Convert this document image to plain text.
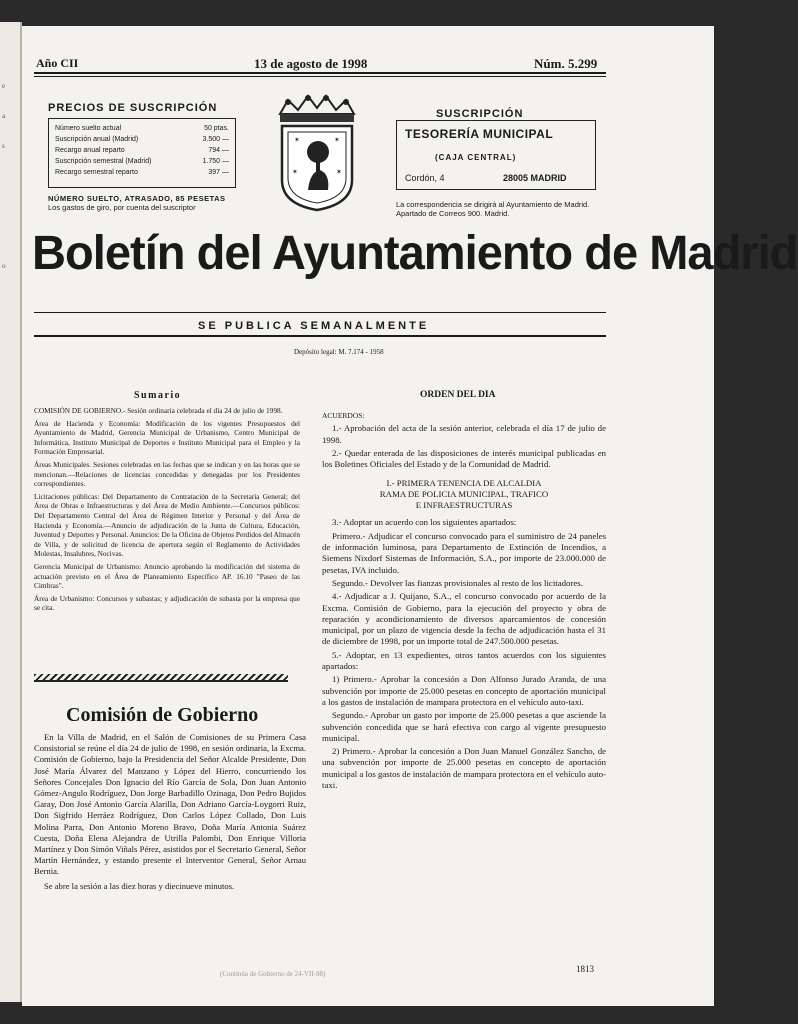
e
a
s
o
Año CII	13 de agosto de 1998	Núm. 5.299
PRECIOS DE SUSCRIPCIÓN
Número suelto actual	50 ptas.
Suscripción anual (Madrid)	3.500 —
Recargo anual reparto	794 —
Suscripción semestral (Madrid)	1.750 —
Recargo semestral reparto	397 —
NÚMERO SUELTO, ATRASADO, 85 PESETAS
Los gastos de giro, por cuenta del suscriptor
✶	✶
✶	✶
SUSCRIPCIÓN
TESORERÍA MUNICIPAL
(CAJA CENTRAL)
Cordón, 4	28005 MADRID
La correspondencia se dirigirá al Ayuntamiento de Madrid. Apartado de Correos 900. Madrid.
Boletín del Ayuntamiento de Madrid
SE PUBLICA SEMANALMENTE
Depósito legal: M. 7.174 - 1958
Sumario

COMISIÓN DE GOBIERNO.- Sesión ordinaria celebrada el día 24 de julio de 1998.

Área de Hacienda y Economía: Modificación de los vigentes Presupuestos del Ayuntamiento de Madrid, Gerencia Municipal de Urbanismo, Centro Municipal de Informática, Instituto Municipal de Deportes e Instituto Municipal para el Empleo y la Formación Empresarial.

Áreas Municipales. Sesiones celebradas en las fechas que se indican y en las horas que se mencionan.—Relaciones de licencias concedidas y denegadas por los Presidentes correspondientes.

Licitaciones públicas: Del Departamento de Contratación de la Secretaría General; del Área de Obras e Infraestructuras y del Área de Medio Ambiente.—Concursos públicos: Del Departamento Central del Área de Régimen Interior y Personal y del Área de Hacienda y Economía.—Anuncio de adjudicación de la Junta de Cultura, Educación, Juventud y Deportes y Personal. Anuncios: De la Oficina de Objetos Perdidos del Almacén de Villa, y de solicitud de licencia de apertura según el Reglamento de Actividades Molestas, Insalubres, Nocivas.

Gerencia Municipal de Urbanismo: Anuncio aprobando la modificación del sistema de actuación previsto en el Área de Planeamiento Específico AP. 16.10 "Paseo de las Cimbras".

Área de Urbanismo: Concursos y subastas; y adjudicación de subasta por la empresa que se cita.

Comisión de Gobierno

En la Villa de Madrid, en el Salón de Comisiones de su Primera Casa Consistorial se reúne el día 24 de julio de 1998, en sesión ordinaria, la Excma. Comisión de Gobierno, bajo la Presidencia del Señor Alcalde Presidente, Don José María Álvarez del Manzano y López del Hierro, concurriendo los Señores Concejales Don Ignacio del Río García de Sola, Don Juan Antonio Gómez-Angulo Rodríguez, Don Jorge Barbadillo Ozinaga, Don Pedro Bujidos Garay, Don José Antonio García Alarilla, Don Adriano García-Loygorri Ruiz, Don Sigfrido Herráez Rodríguez, Don Carlos López Collado, Don Luis Molina Parra, Don Antonio Moreno Bravo, Doña María Antonia Suárez Cuesta, Doña Elena Alejandra de Utrilla Palombi, Don Enrique Villoria Martínez y Don Simón Viñals Pérez, asistidos por el Secretario General, Señor Martín Hernández, y estando presente el Interventor General, Señor Arnau Bernia.

Se abre la sesión a las diez horas y diecinueve minutos.

ORDEN DEL DIA

ACUERDOS:

1.- Aprobación del acta de la sesión anterior, celebrada el día 17 de julio de 1998.

2.- Quedar enterada de las disposiciones de interés municipal publicadas en los Boletines Oficiales del Estado y de la Comunidad de Madrid.

I.- PRIMERA TENENCIA DE ALCALDIA
RAMA DE POLICIA MUNICIPAL, TRAFICO
E INFRAESTRUCTURAS

3.- Adoptar un acuerdo con los siguientes apartados:

Primero.- Adjudicar el concurso convocado para el suministro de 24 paneles de información luminosa, para Departamento de Extinción de Incendios, a Siemens Nixdorf Sistemas de Información, S.A., por importe de 23.000.000 de pesetas, IVA incluido.

Segundo.- Devolver las fianzas provisionales al resto de los licitadores.

4.- Adjudicar a J. Quijano, S.A., el concurso convocado por acuerdo de la Excma. Comisión de Gobierno, para la ejecución del proyecto y obra de reparación y acondicionamiento de diversos aparcamientos de concesión municipal, por un plazo de vigencia desde la fecha de adjudicación hasta el 31 de diciembre de 1998, por un importe total de 247.500.000 pesetas.

5.- Adoptar, en 13 expedientes, otros tantos acuerdos con los siguientes apartados:

1) Primero.- Aprobar la concesión a Don Alfonso Jurado Aranda, de una subvención por importe de 25.000 pesetas en concepto de aportación municipal a los gastos de instalación de mampara protectora en el vehículo auto-taxi.

Segundo.- Aprobar un gasto por importe de 25.000 pesetas a que asciende la subvención concedida que se hará efectiva con cargo al vigente presupuesto municipal.

2) Primero.- Aprobar la concesión a Don Juan Manuel González Sancho, de una subvención por importe de 25.000 pesetas en concepto de aportación municipal a los gastos de instalación de mampara protectora en el vehículo auto-taxi.

(Continúa de Gobierno de 24-VII-98)	1813
